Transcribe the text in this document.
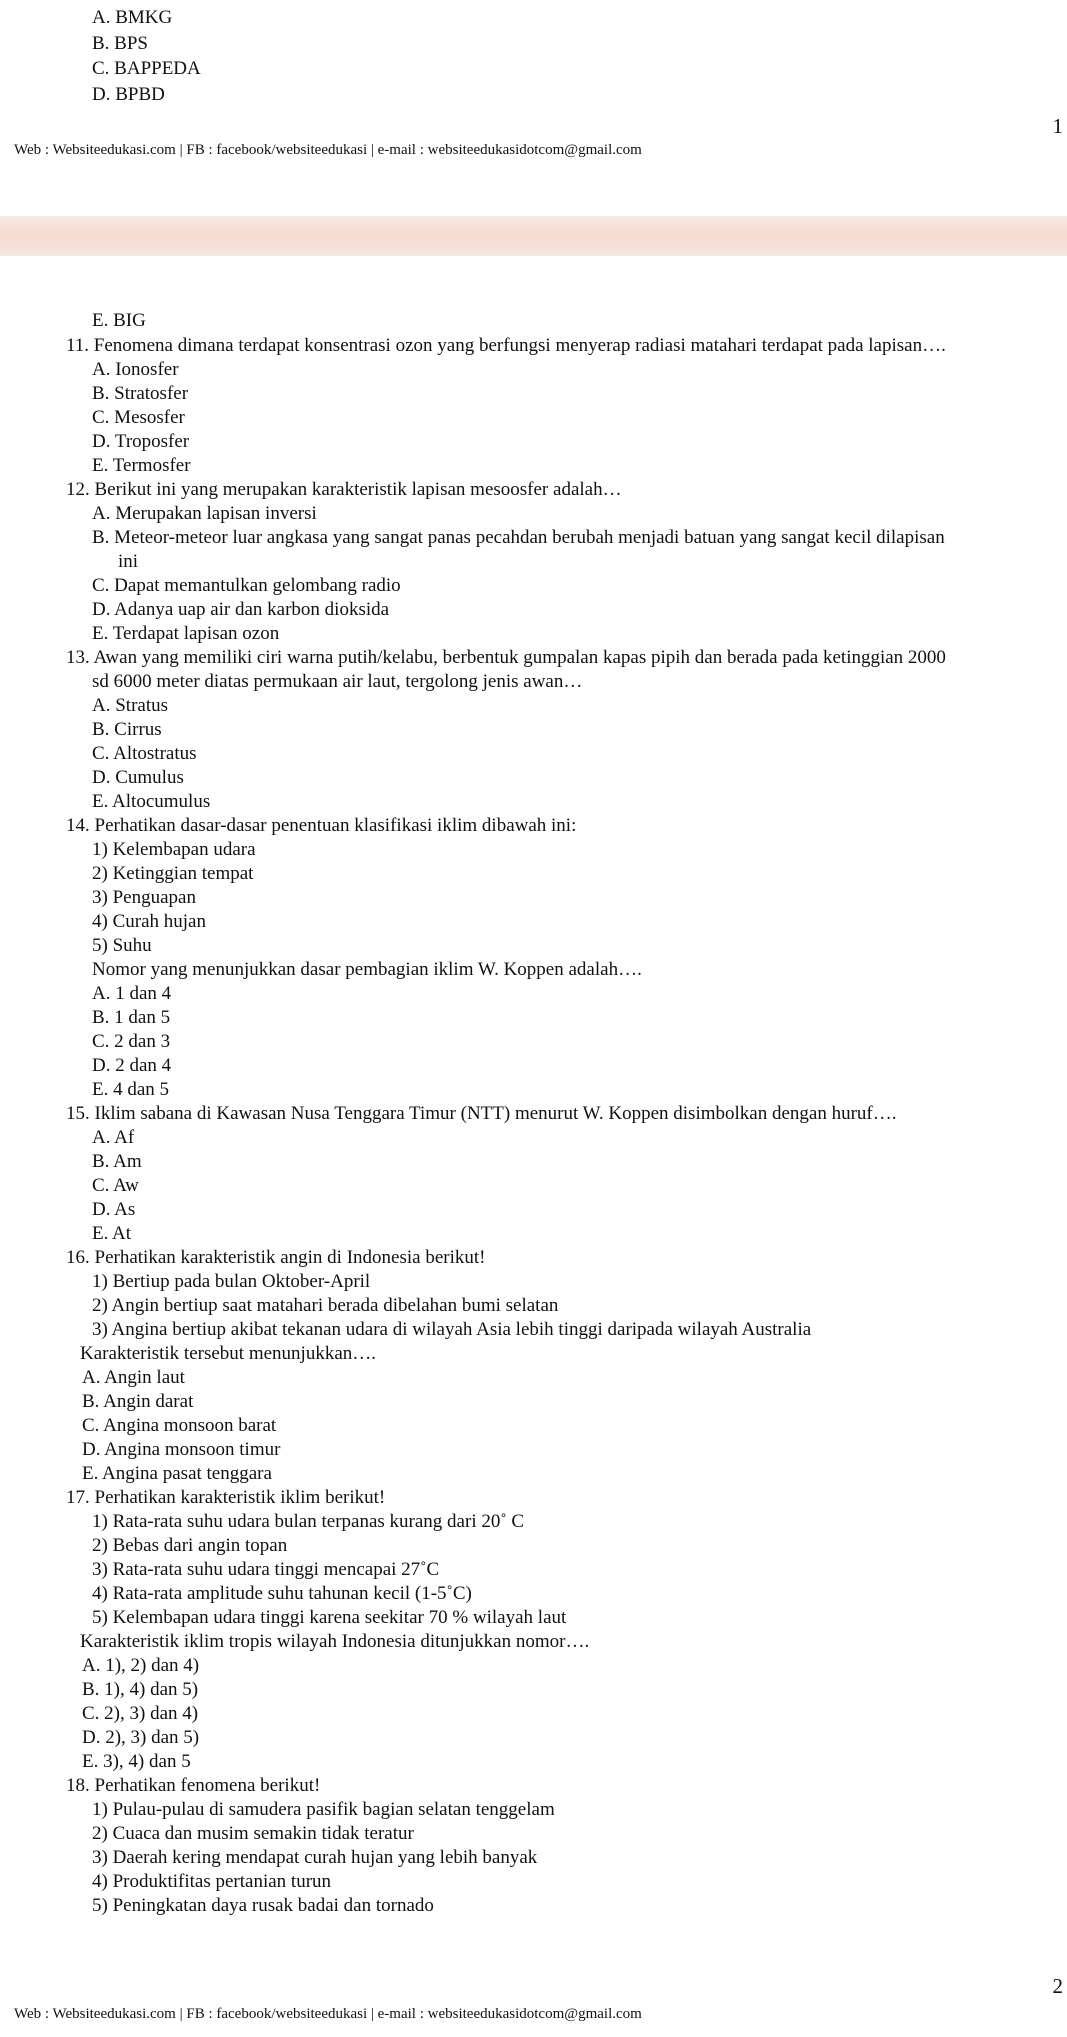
A. BMKG
B. BPS
C. BAPPEDA
D. BPBD
1
Web : Websiteedukasi.com | FB : facebook/websiteedukasi | e-mail : websiteedukasidotcom@gmail.com
E. BIG
11. Fenomena dimana terdapat konsentrasi ozon yang berfungsi menyerap radiasi matahari terdapat pada lapisan….
A. Ionosfer
B. Stratosfer
C. Mesosfer
D. Troposfer
E. Termosfer
12. Berikut ini yang merupakan karakteristik lapisan mesoosfer adalah…
A. Merupakan lapisan inversi
B. Meteor-meteor luar angkasa yang sangat panas pecahdan berubah menjadi batuan yang sangat kecil dilapisan
ini
C. Dapat memantulkan gelombang radio
D. Adanya uap air dan karbon dioksida
E. Terdapat lapisan ozon
13. Awan yang memiliki ciri warna putih/kelabu, berbentuk gumpalan kapas pipih dan berada pada ketinggian 2000
sd 6000 meter diatas permukaan air laut, tergolong jenis awan…
A. Stratus
B. Cirrus
C. Altostratus
D. Cumulus
E. Altocumulus
14. Perhatikan dasar-dasar penentuan klasifikasi iklim dibawah ini:
1) Kelembapan udara
2) Ketinggian tempat
3) Penguapan
4) Curah hujan
5) Suhu
Nomor yang menunjukkan dasar pembagian iklim W. Koppen adalah….
A. 1 dan 4
B. 1 dan 5
C. 2 dan 3
D. 2 dan 4
E. 4 dan 5
15. Iklim sabana di Kawasan Nusa Tenggara Timur (NTT) menurut W. Koppen disimbolkan dengan huruf….
A. Af
B. Am
C. Aw
D. As
E. At
16. Perhatikan karakteristik angin di Indonesia berikut!
1) Bertiup pada bulan Oktober-April
2) Angin bertiup saat matahari berada dibelahan bumi selatan
3) Angina bertiup akibat tekanan udara di wilayah Asia lebih tinggi daripada wilayah Australia
Karakteristik tersebut menunjukkan….
A. Angin laut
B. Angin darat
C. Angina monsoon barat
D. Angina monsoon timur
E. Angina pasat tenggara
17. Perhatikan karakteristik iklim berikut!
1) Rata-rata suhu udara bulan terpanas kurang dari 20˚ C
2) Bebas dari angin topan
3) Rata-rata suhu udara tinggi mencapai 27˚C
4) Rata-rata amplitude suhu tahunan kecil (1-5˚C)
5) Kelembapan udara tinggi karena seekitar 70 % wilayah laut
Karakteristik iklim tropis wilayah Indonesia ditunjukkan nomor….
A. 1), 2) dan 4)
B. 1), 4) dan 5)
C. 2), 3) dan 4)
D. 2), 3) dan 5)
E. 3), 4) dan 5
18. Perhatikan fenomena berikut!
1) Pulau-pulau di samudera pasifik bagian selatan tenggelam
2) Cuaca dan musim semakin tidak teratur
3) Daerah kering mendapat curah hujan yang lebih banyak
4) Produktifitas pertanian turun
5) Peningkatan daya rusak badai dan tornado
2
Web : Websiteedukasi.com | FB : facebook/websiteedukasi | e-mail : websiteedukasidotcom@gmail.com
